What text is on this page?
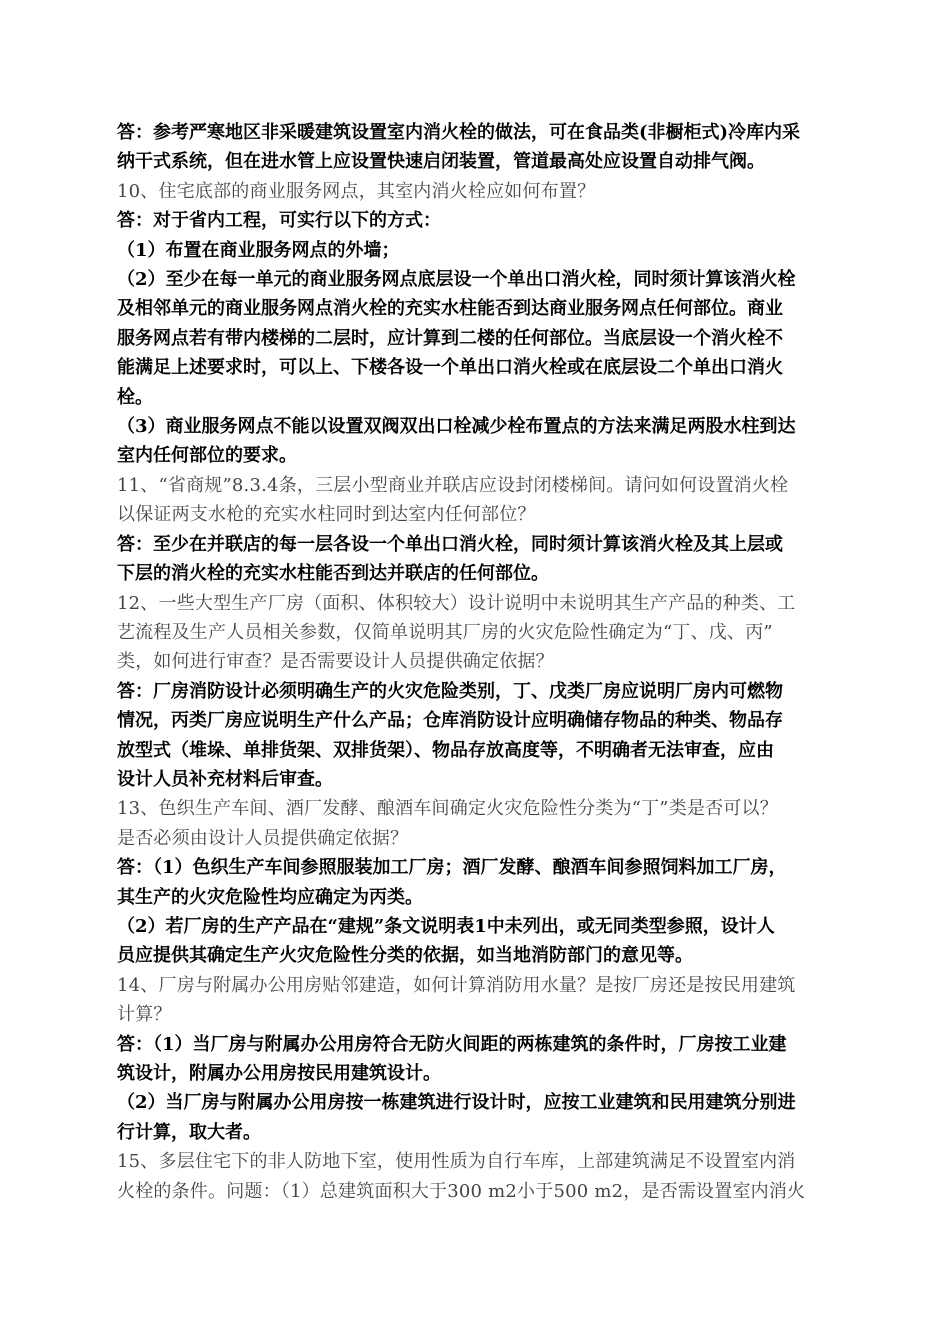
答：参考严寒地区非采暖建筑设置室内消火栓的做法，可在食品类(非橱柜式)冷库内采
纳干式系统，但在进水管上应设置快速启闭装置，管道最高处应设置自动排气阀。
10、住宅底部的商业服务网点，其室内消火栓应如何布置？
答：对于省内工程，可实行以下的方式：
（1）布置在商业服务网点的外墙；
（2）至少在每一单元的商业服务网点底层设一个单出口消火栓，同时须计算该消火栓
及相邻单元的商业服务网点消火栓的充实水柱能否到达商业服务网点任何部位。商业
服务网点若有带内楼梯的二层时，应计算到二楼的任何部位。当底层设一个消火栓不
能满足上述要求时，可以上、下楼各设一个单出口消火栓或在底层设二个单出口消火
栓。
（3）商业服务网点不能以设置双阀双出口栓减少栓布置点的方法来满足两股水柱到达
室内任何部位的要求。
11、“省商规”8.3.4条，三层小型商业并联店应设封闭楼梯间。请问如何设置消火栓
以保证两支水枪的充实水柱同时到达室内任何部位？
答：至少在并联店的每一层各设一个单出口消火栓，同时须计算该消火栓及其上层或
下层的消火栓的充实水柱能否到达并联店的任何部位。
12、一些大型生产厂房（面积、体积较大）设计说明中未说明其生产产品的种类、工
艺流程及生产人员相关参数，仅简单说明其厂房的火灾危险性确定为“丁、戊、丙”
类，如何进行审查？是否需要设计人员提供确定依据？
答：厂房消防设计必须明确生产的火灾危险类别，丁、戊类厂房应说明厂房内可燃物
情况，丙类厂房应说明生产什么产品；仓库消防设计应明确储存物品的种类、物品存
放型式（堆垛、单排货架、双排货架）、物品存放高度等，不明确者无法审查，应由
设计人员补充材料后审查。
13、色织生产车间、酒厂发酵、酿酒车间确定火灾危险性分类为“丁”类是否可以？
是否必须由设计人员提供确定依据？
答：（1）色织生产车间参照服装加工厂房；酒厂发酵、酿酒车间参照饲料加工厂房，
其生产的火灾危险性均应确定为丙类。
（2）若厂房的生产产品在“建规”条文说明表1中未列出，或无同类型参照，设计人
员应提供其确定生产火灾危险性分类的依据，如当地消防部门的意见等。
14、厂房与附属办公用房贴邻建造，如何计算消防用水量？是按厂房还是按民用建筑
计算？
答：（1）当厂房与附属办公用房符合无防火间距的两栋建筑的条件时，厂房按工业建
筑设计，附属办公用房按民用建筑设计。
（2）当厂房与附属办公用房按一栋建筑进行设计时，应按工业建筑和民用建筑分别进
行计算，取大者。
15、多层住宅下的非人防地下室，使用性质为自行车库，上部建筑满足不设置室内消
火栓的条件。问题：（1）总建筑面积大于300 m2小于500 m2，是否需设置室内消火
